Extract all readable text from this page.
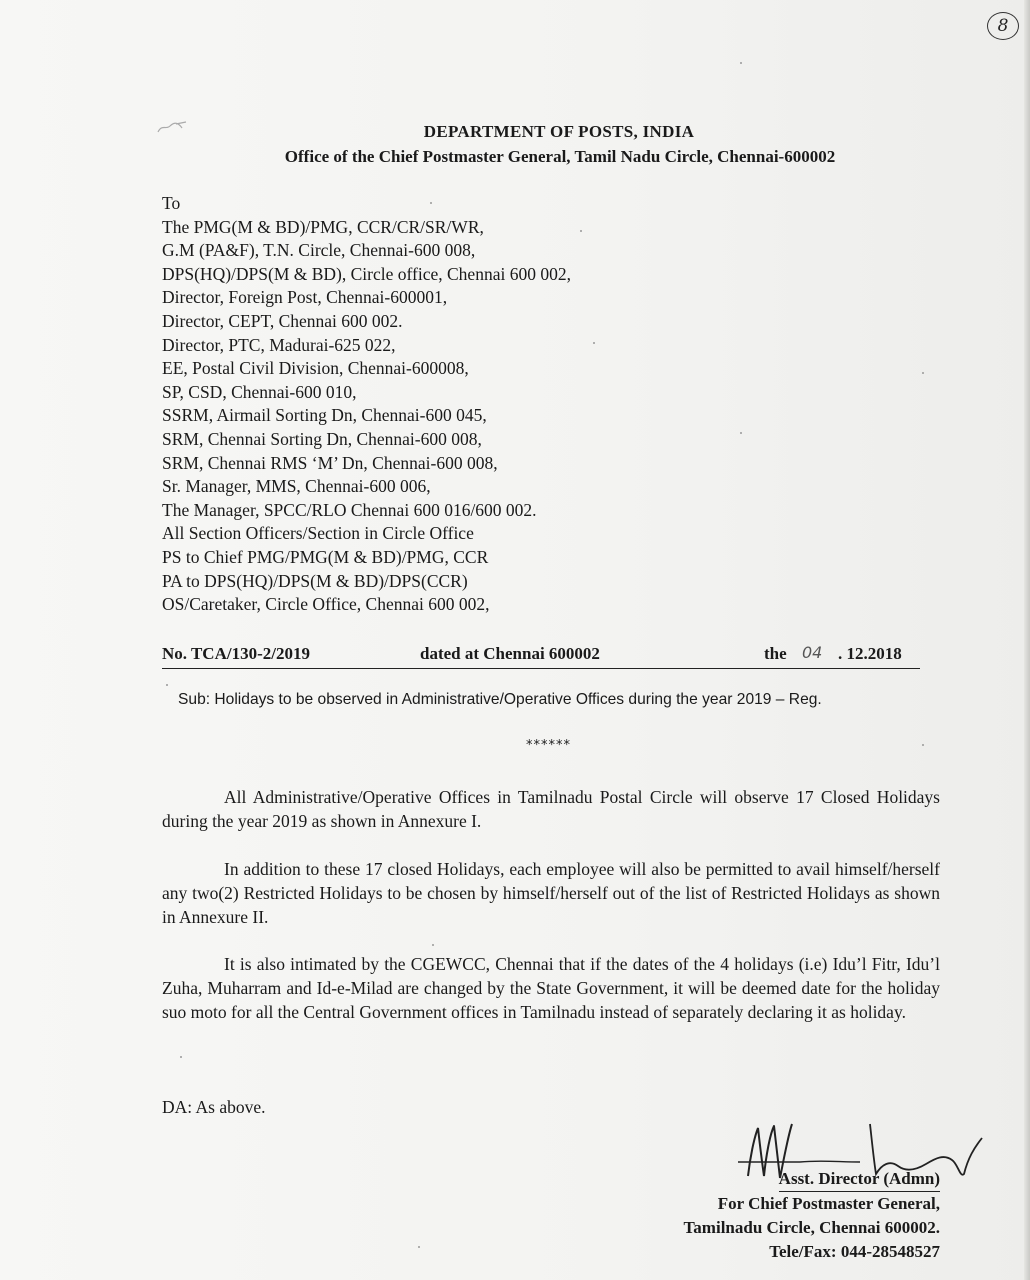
8
DEPARTMENT OF POSTS, INDIA
Office of the Chief Postmaster General, Tamil Nadu Circle, Chennai-600002
To
The PMG(M & BD)/PMG, CCR/CR/SR/WR,
G.M (PA&F), T.N. Circle, Chennai-600 008,
DPS(HQ)/DPS(M & BD), Circle office, Chennai 600 002,
Director, Foreign Post, Chennai-600001,
Director, CEPT, Chennai 600 002.
Director, PTC, Madurai-625 022,
EE, Postal Civil Division, Chennai-600008,
SP, CSD, Chennai-600 010,
SSRM, Airmail Sorting Dn, Chennai-600 045,
SRM, Chennai Sorting Dn, Chennai-600 008,
SRM, Chennai RMS ‘M’ Dn, Chennai-600 008,
Sr. Manager, MMS, Chennai-600 006,
The Manager, SPCC/RLO Chennai 600 016/600 002.
All Section Officers/Section in Circle Office
PS to Chief PMG/PMG(M & BD)/PMG, CCR
PA to DPS(HQ)/DPS(M & BD)/DPS(CCR)
OS/Caretaker, Circle Office, Chennai 600 002,
No. TCA/130-2/2019	dated at Chennai 600002	the 04 . 12.2018
Sub: Holidays to be observed in Administrative/Operative Offices during the year 2019 – Reg.
******
All Administrative/Operative Offices in Tamilnadu Postal Circle will observe 17 Closed Holidays during the year 2019 as shown in Annexure I.
In addition to these 17 closed Holidays, each employee will also be permitted to avail himself/herself any two(2) Restricted Holidays to be chosen by himself/herself out of the list of Restricted Holidays as shown in Annexure II.
It is also intimated by the CGEWCC, Chennai that if the dates of the 4 holidays (i.e) Idu’l Fitr, Idu’l Zuha, Muharram and Id-e-Milad are changed by the State Government, it will be deemed date for the holiday suo moto for all the Central Government offices in Tamilnadu instead of separately declaring it as holiday.
DA: As above.
Asst. Director (Admn)
For Chief Postmaster General,
Tamilnadu Circle, Chennai 600002.
Tele/Fax: 044-28548527
